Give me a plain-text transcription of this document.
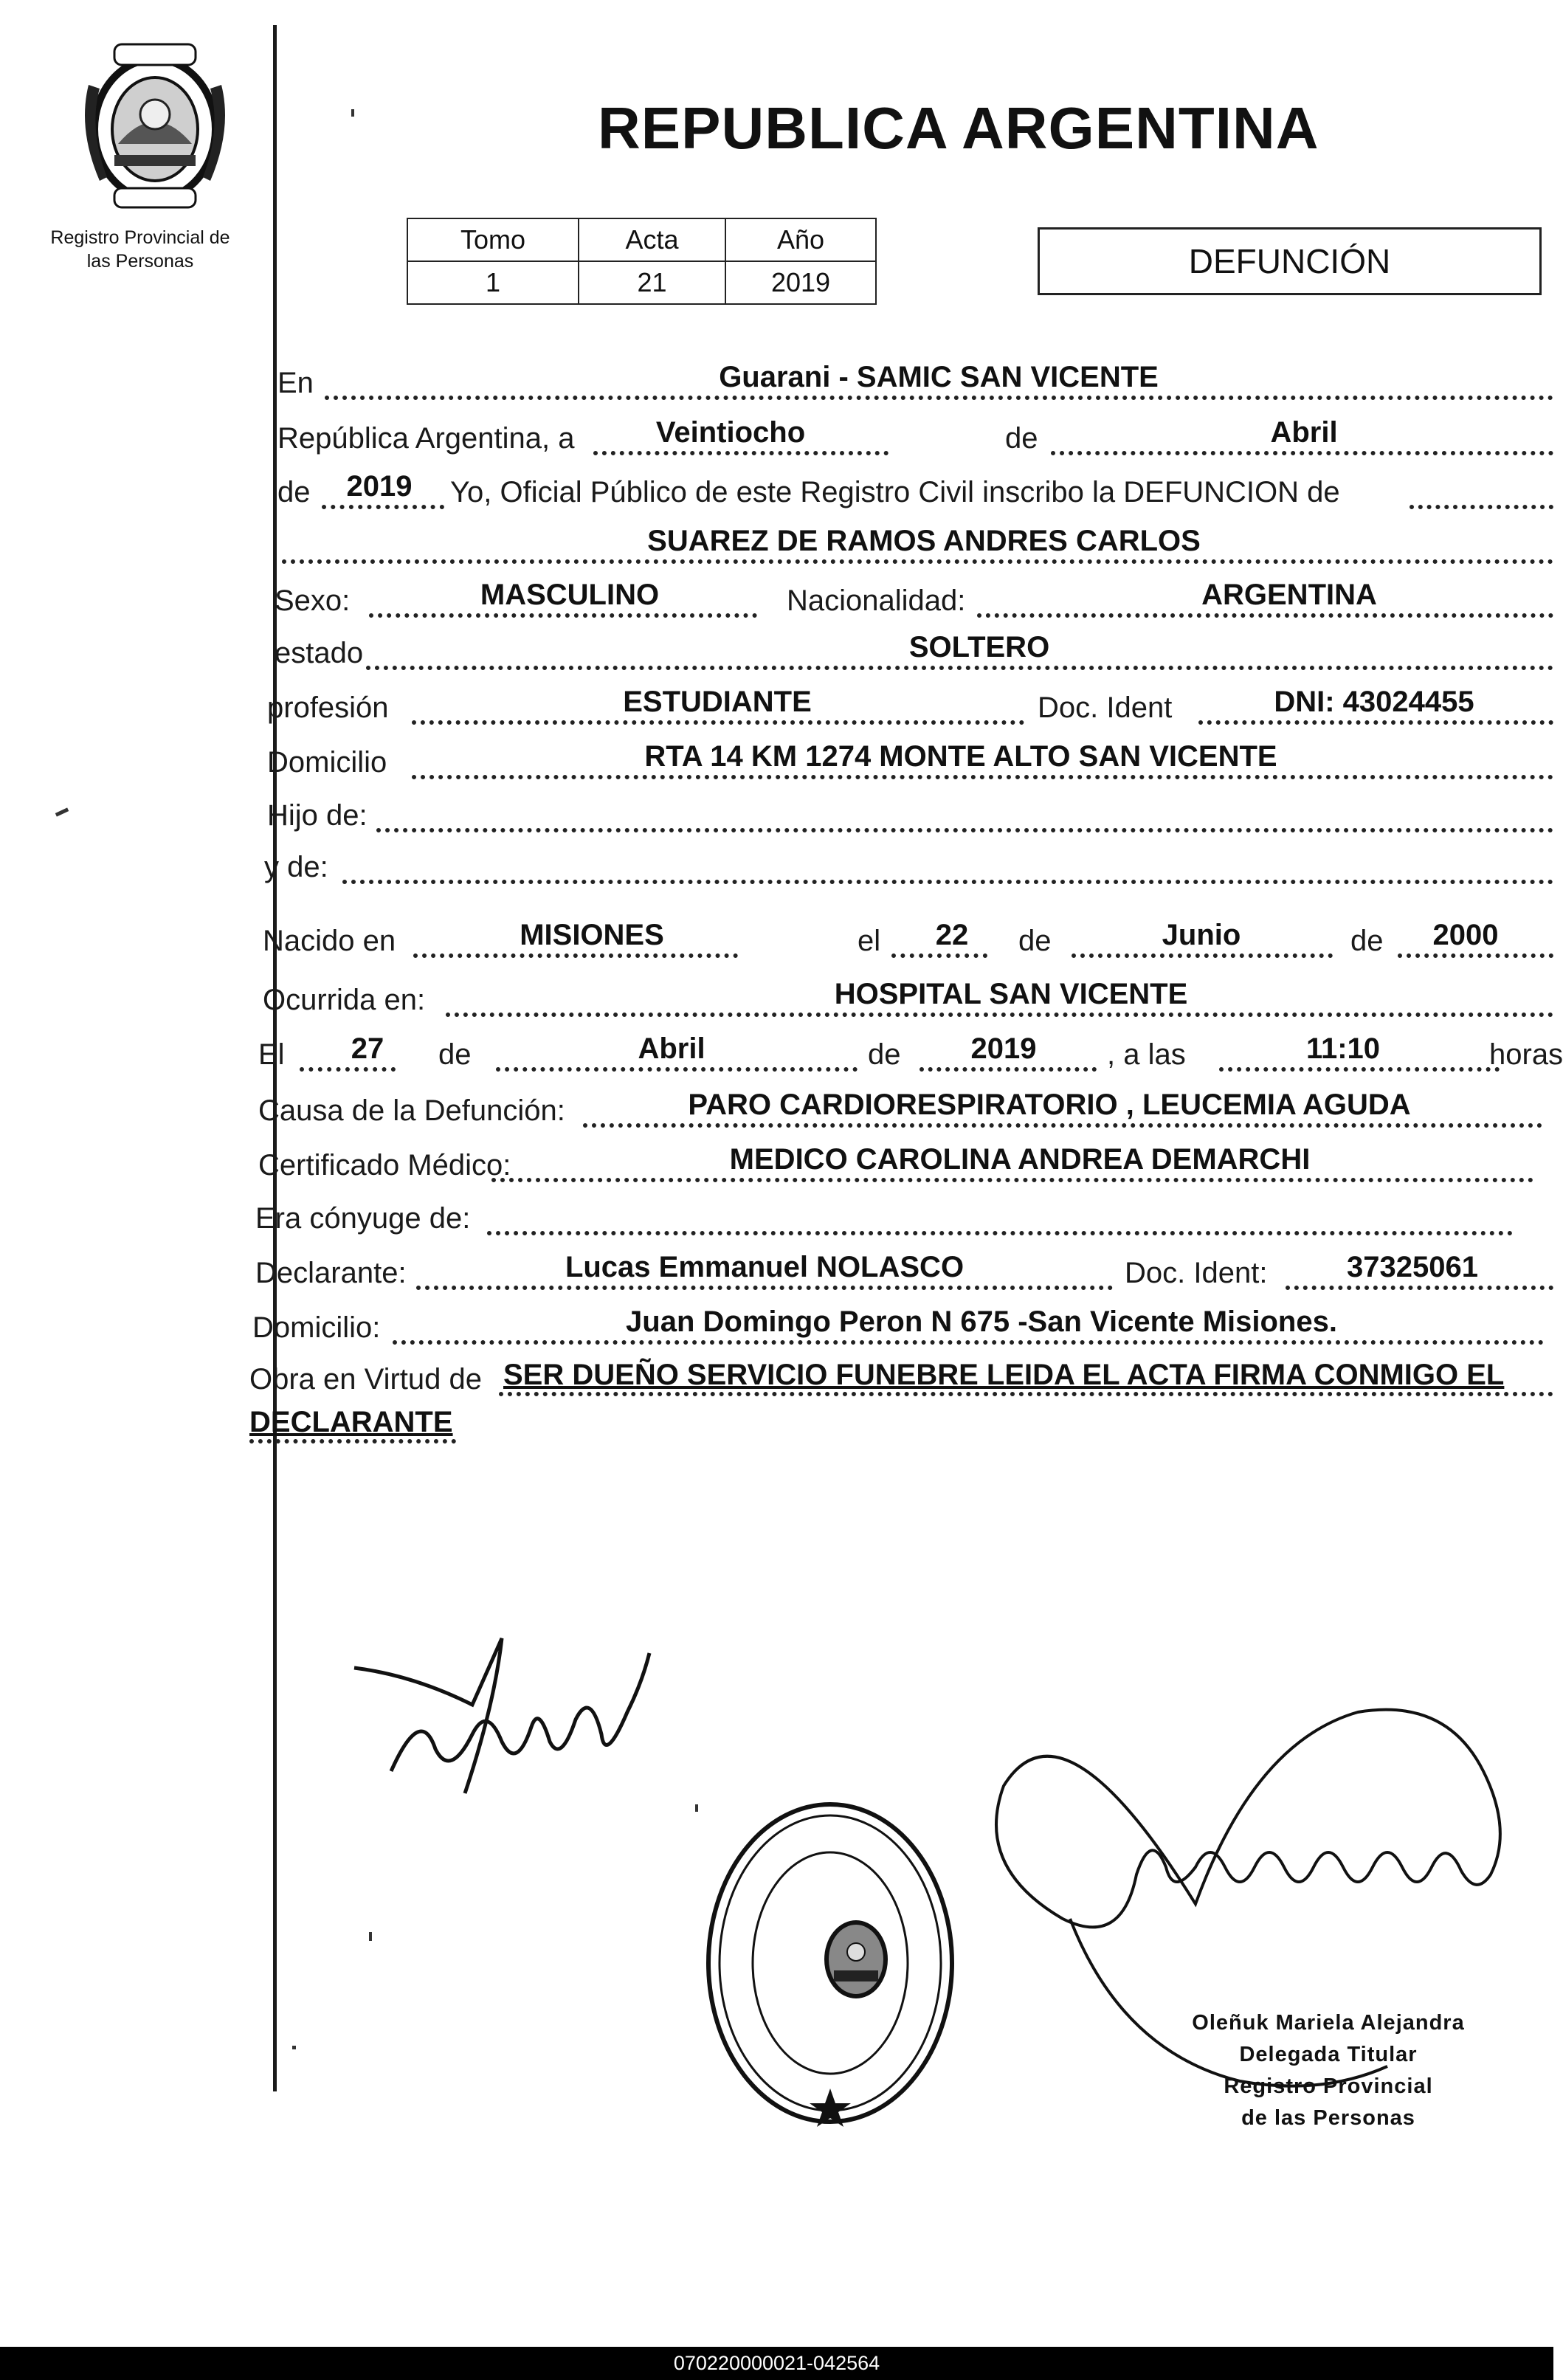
Registro Provincial de
las Personas
REPUBLICA ARGENTINA
Tomo	Acta	Año
1	21	2019
DEFUNCIÓN
En	Guarani - SAMIC SAN VICENTE
República Argentina, a	Veintiocho	de	Abril
de 2019 Yo, Oficial Público de este Registro Civil inscribo la DEFUNCION de
SUAREZ DE RAMOS ANDRES CARLOS
Sexo:	MASCULINO	Nacionalidad:	ARGENTINA
estado	SOLTERO
profesión	ESTUDIANTE	Doc. Ident	DNI: 43024455
Domicilio	RTA 14 KM 1274 MONTE ALTO SAN VICENTE
Hijo de:
y de:
Nacido en	MISIONES	el 22 de	Junio	de 2000
Ocurrida en:	HOSPITAL SAN VICENTE
El 27 de	Abril	de 2019 , a las	11:10	horas
Causa de la Defunción:	PARO CARDIORESPIRATORIO , LEUCEMIA AGUDA
Certificado Médico:	MEDICO CAROLINA ANDREA DEMARCHI
Era cónyuge de:
Declarante:	Lucas Emmanuel NOLASCO	Doc. Ident:	37325061
Domicilio:	Juan Domingo Peron N 675 -San Vicente Misiones.
Obra en Virtud de SER DUEÑO SERVICIO FUNEBRE LEIDA EL ACTA FIRMA CONMIGO EL
DECLARANTE
Oleñuk Mariela Alejandra
Delegada Titular
Registro Provincial
de las Personas
070220000021-042564
